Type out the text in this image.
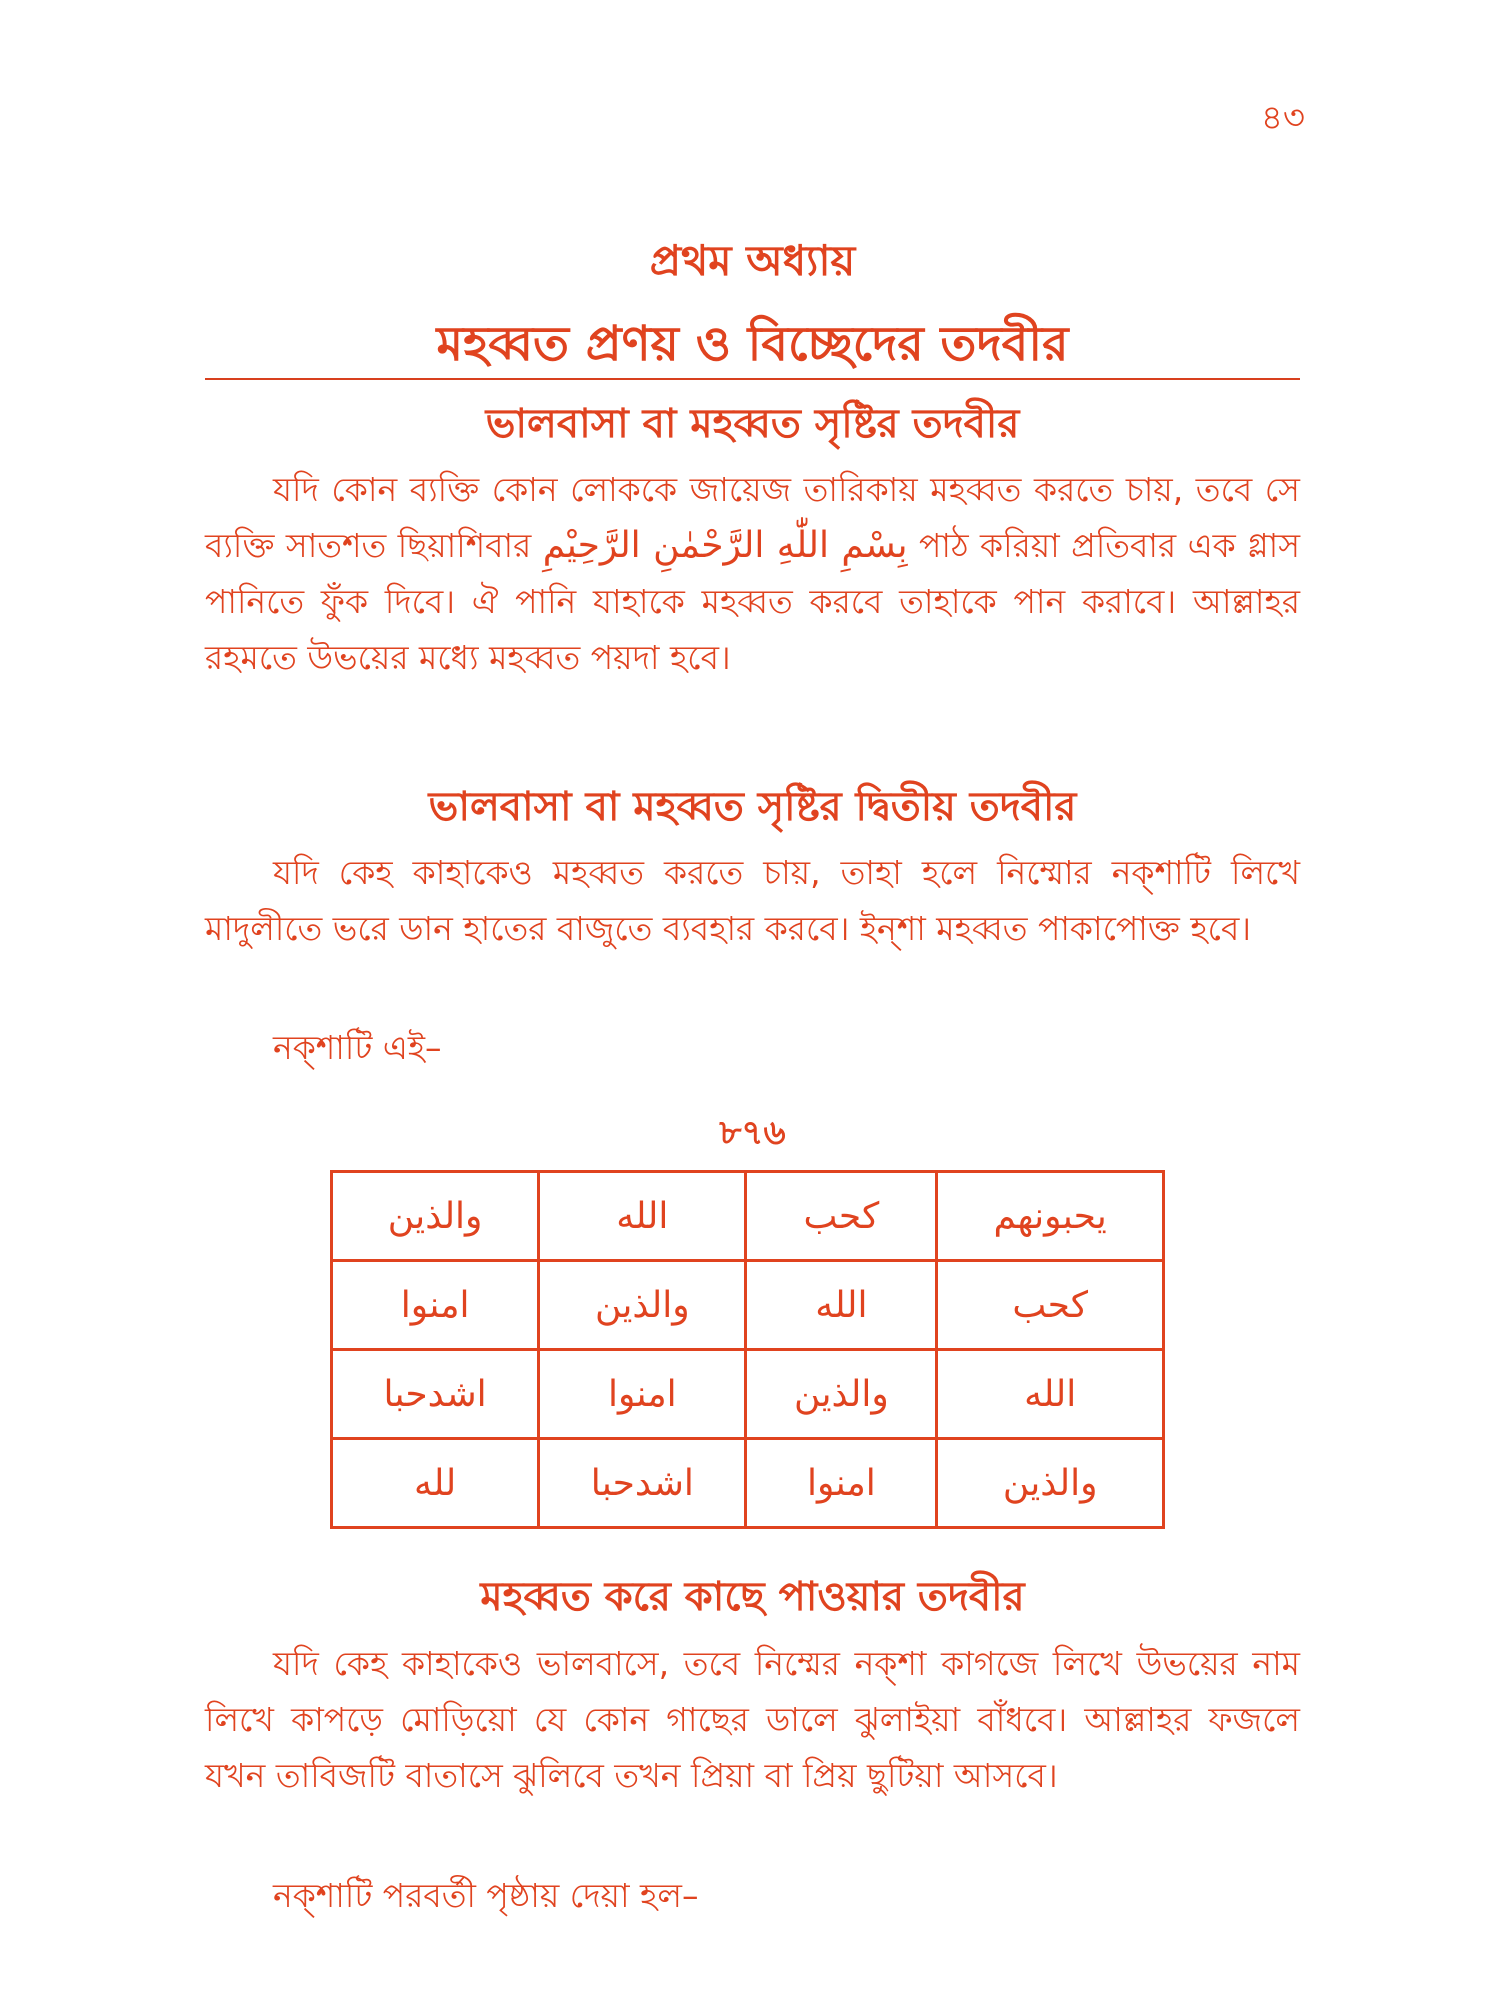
৪৩
প্রথম অধ্যায়
মহব্বত প্রণয় ও বিচ্ছেদের তদবীর
ভালবাসা বা মহব্বত সৃষ্টির তদবীর

যদি কোন ব্যক্তি কোন লোককে জায়েজ তারিকায় মহব্বত করতে চায়, তবে সে ব্যক্তি সাতশত ছিয়াশিবার بِسْمِ اللّٰهِ الرَّحْمٰنِ الرَّحِيْمِ পাঠ করিয়া প্রতিবার এক গ্লাস পানিতে ফুঁক দিবে। ঐ পানি যাহাকে মহব্বত করবে তাহাকে পান করাবে। আল্লাহর রহমতে উভয়ের মধ্যে মহব্বত পয়দা হবে।

ভালবাসা বা মহব্বত সৃষ্টির দ্বিতীয় তদবীর

যদি কেহ কাহাকেও মহব্বত করতে চায়, তাহা হলে নিম্মোর নক্শাটি লিখে মাদুলীতে ভরে ডান হাতের বাজুতে ব্যবহার করবে। ইন্শা মহব্বত পাকাপোক্ত হবে।

নক্শাটি এই–
৮৭৬
يحبونهم	كحب	الله	والذين
كحب	الله	والذين	امنوا
الله	والذين	امنوا	اشدحبا
والذين	امنوا	اشدحبا	لله
মহব্বত করে কাছে পাওয়ার তদবীর

যদি কেহ কাহাকেও ভালবাসে, তবে নিম্মের নক্শা কাগজে লিখে উভয়ের নাম লিখে কাপড়ে মোড়িয়ো যে কোন গাছের ডালে ঝুলাইয়া বাঁধবে। আল্লাহর ফজলে যখন তাবিজটি বাতাসে ঝুলিবে তখন প্রিয়া বা প্রিয় ছুটিয়া আসবে।

নক্শাটি পরবর্তী পৃষ্ঠায় দেয়া হল–
